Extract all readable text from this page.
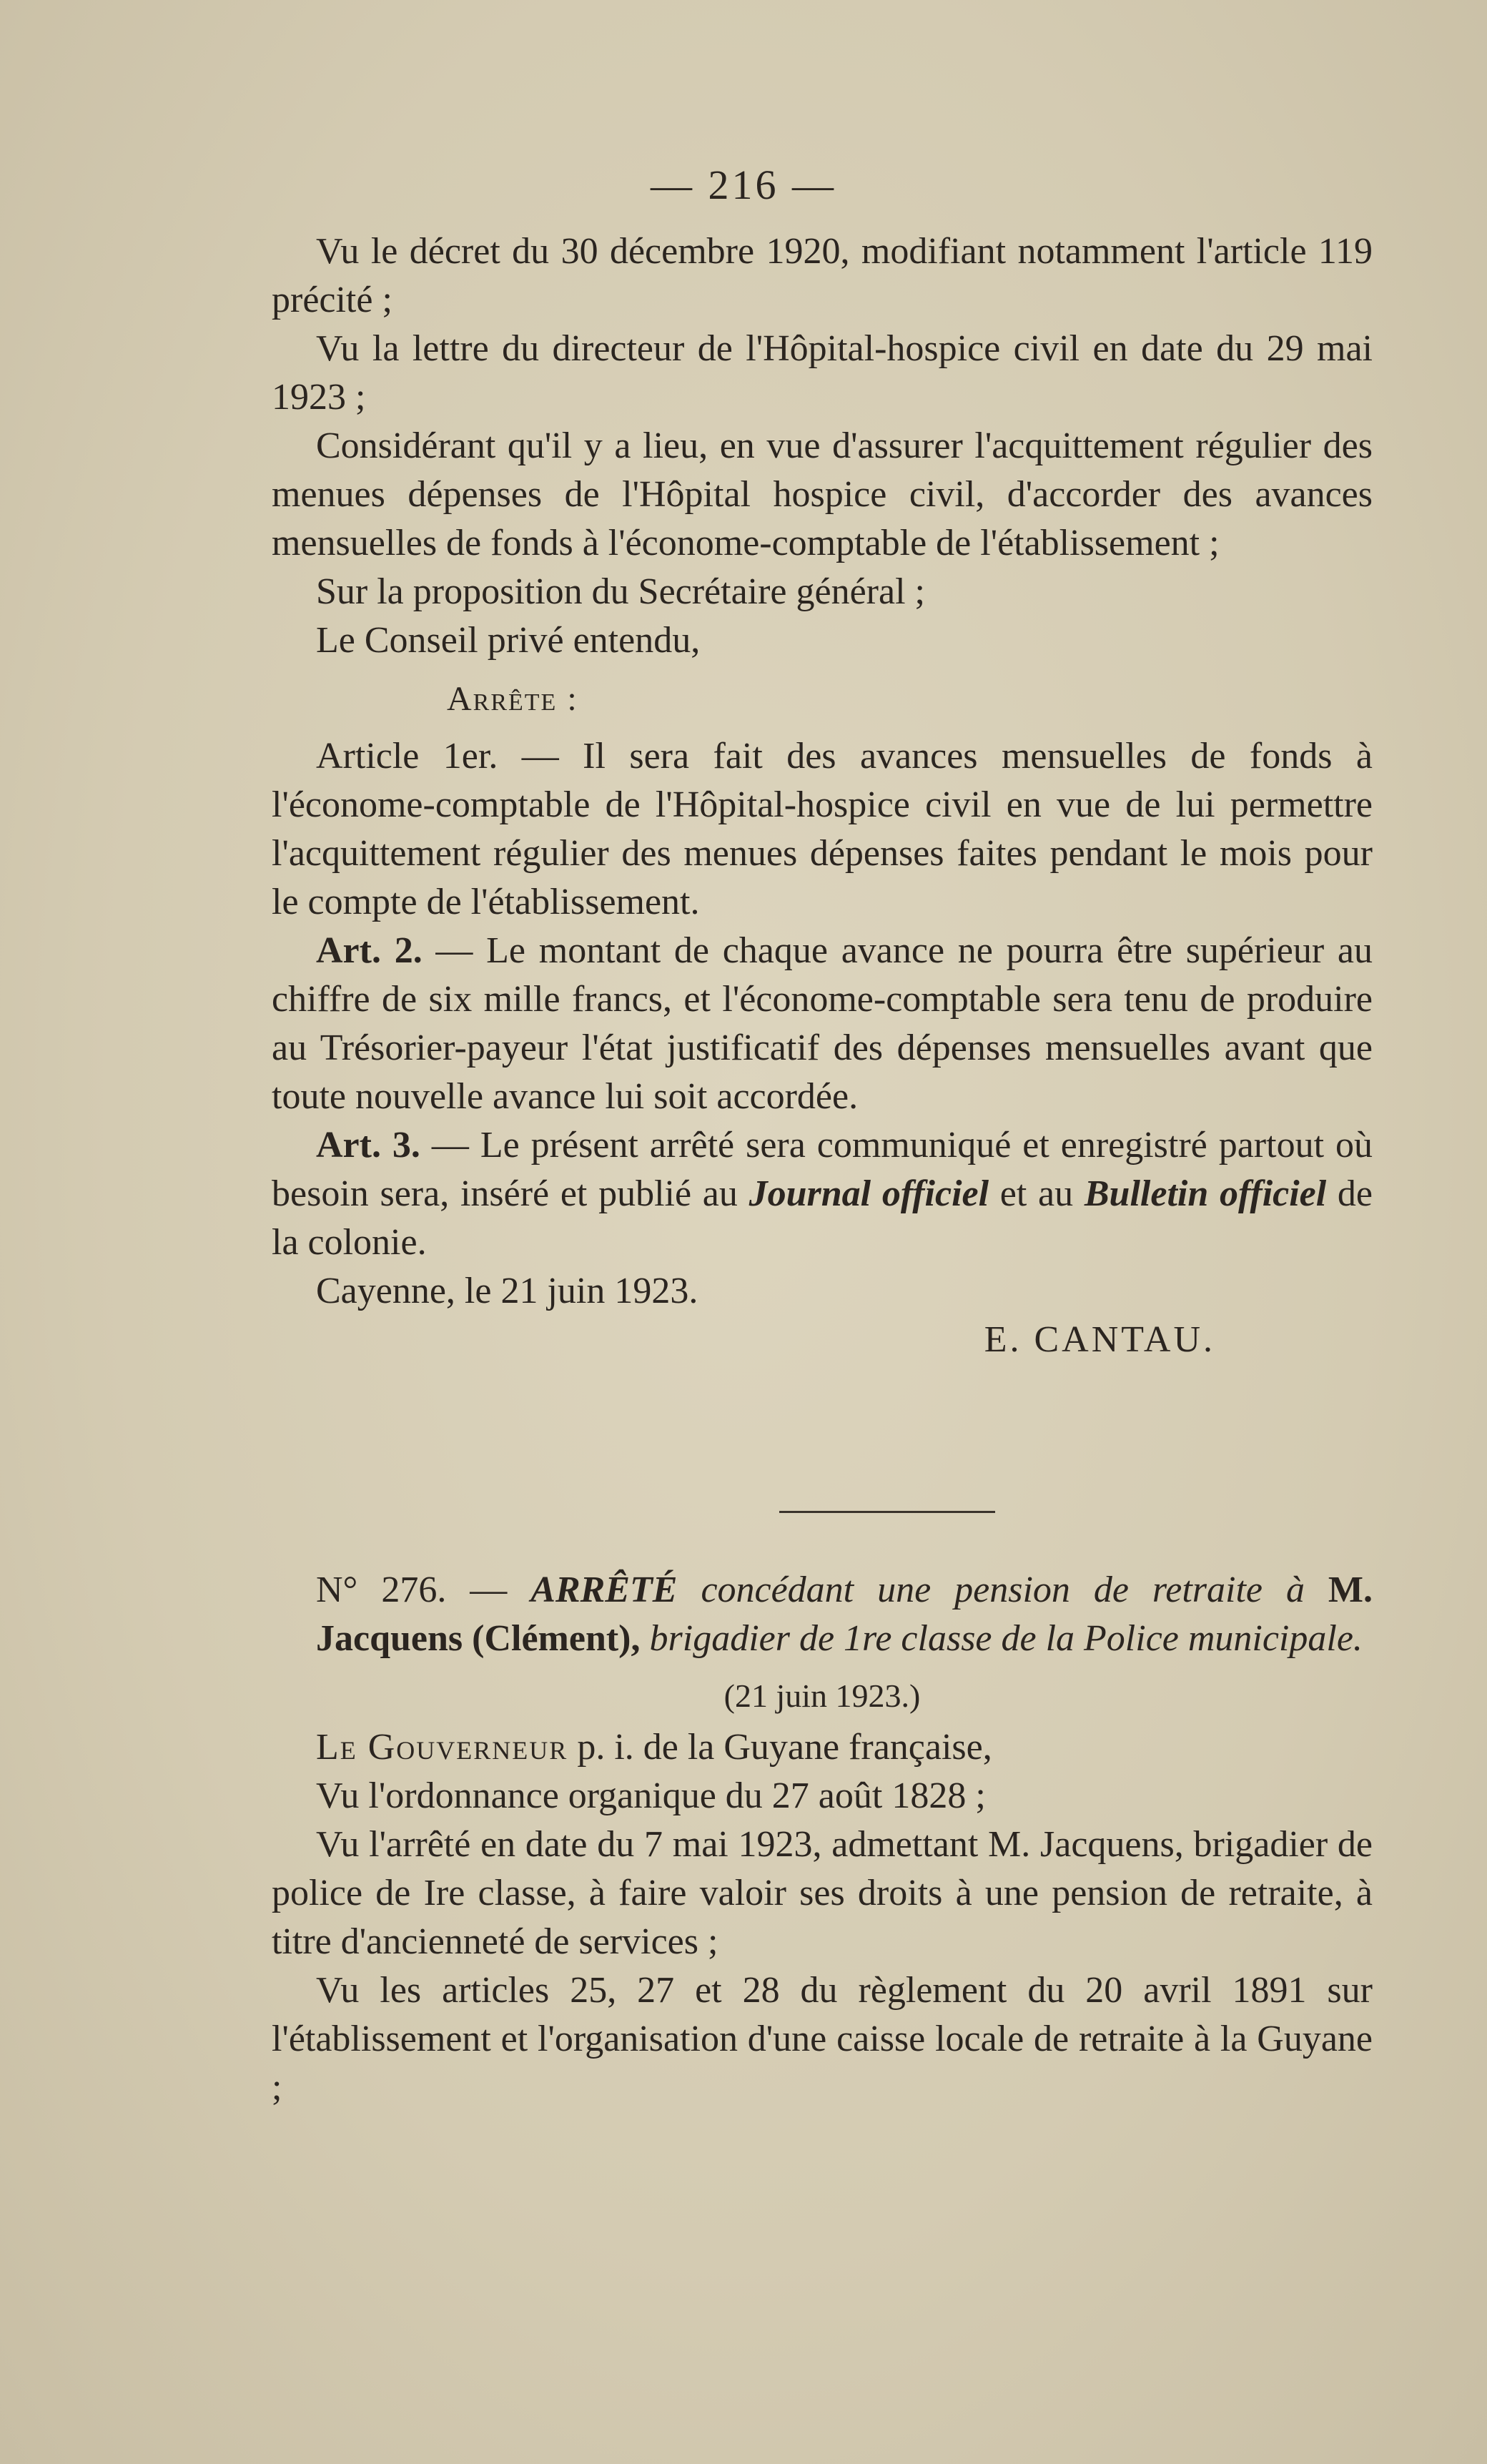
— 216 —

Vu le décret du 30 décembre 1920, modifiant notamment l'article 119 précité ;

Vu la lettre du directeur de l'Hôpital-hospice civil en date du 29 mai 1923 ;

Considérant qu'il y a lieu, en vue d'assurer l'acquittement régulier des menues dépenses de l'Hôpital hospice civil, d'accorder des avances mensuelles de fonds à l'économe-comptable de l'établissement ;

Sur la proposition du Secrétaire général ;

Le Conseil privé entendu,

Arrête :

Article 1er. — Il sera fait des avances mensuelles de fonds à l'économe-comptable de l'Hôpital-hospice civil en vue de lui permettre l'acquittement régulier des menues dépenses faites pendant le mois pour le compte de l'établissement.

Art. 2. — Le montant de chaque avance ne pourra être supérieur au chiffre de six mille francs, et l'économe-comptable sera tenu de produire au Trésorier-payeur l'état justificatif des dépenses mensuelles avant que toute nouvelle avance lui soit accordée.

Art. 3. — Le présent arrêté sera communiqué et enregistré partout où besoin sera, inséré et publié au Journal officiel et au Bulletin officiel de la colonie.

Cayenne, le 21 juin 1923.

E. CANTAU.

N° 276. — ARRÊTÉ concédant une pension de retraite à M. Jacquens (Clément), brigadier de 1re classe de la Police municipale.

(21 juin 1923.)

Le Gouverneur p. i. de la Guyane française,

Vu l'ordonnance organique du 27 août 1828 ;

Vu l'arrêté en date du 7 mai 1923, admettant M. Jacquens, brigadier de police de Ire classe, à faire valoir ses droits à une pension de retraite, à titre d'ancienneté de services ;

Vu les articles 25, 27 et 28 du règlement du 20 avril 1891 sur l'établissement et l'organisation d'une caisse locale de retraite à la Guyane ;
